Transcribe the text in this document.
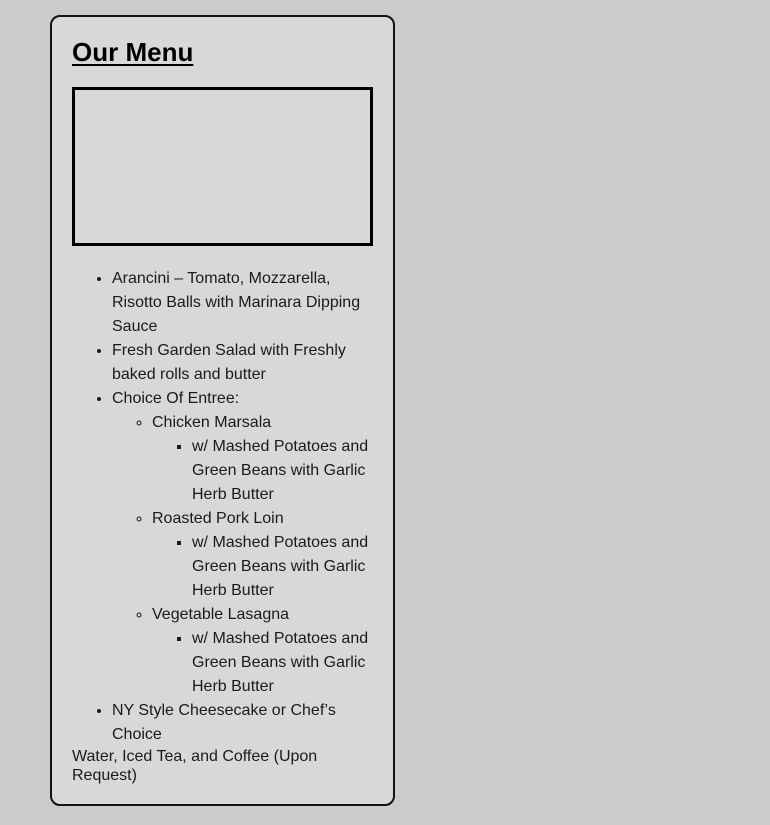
Our Menu
• Arancini – Tomato, Mozzarella, Risotto Balls with Marinara Dipping Sauce
• Fresh Garden Salad with Freshly baked rolls and butter
• Choice Of Entree:
◦ Chicken Marsala
▪ w/ Mashed Potatoes and Green Beans with Garlic Herb Butter
◦ Roasted Pork Loin
▪ w/ Mashed Potatoes and Green Beans with Garlic Herb Butter
◦ Vegetable Lasagna
▪ w/ Mashed Potatoes and Green Beans with Garlic Herb Butter
• NY Style Cheesecake or Chef’s Choice
Water, Iced Tea, and Coffee (Upon Request)
